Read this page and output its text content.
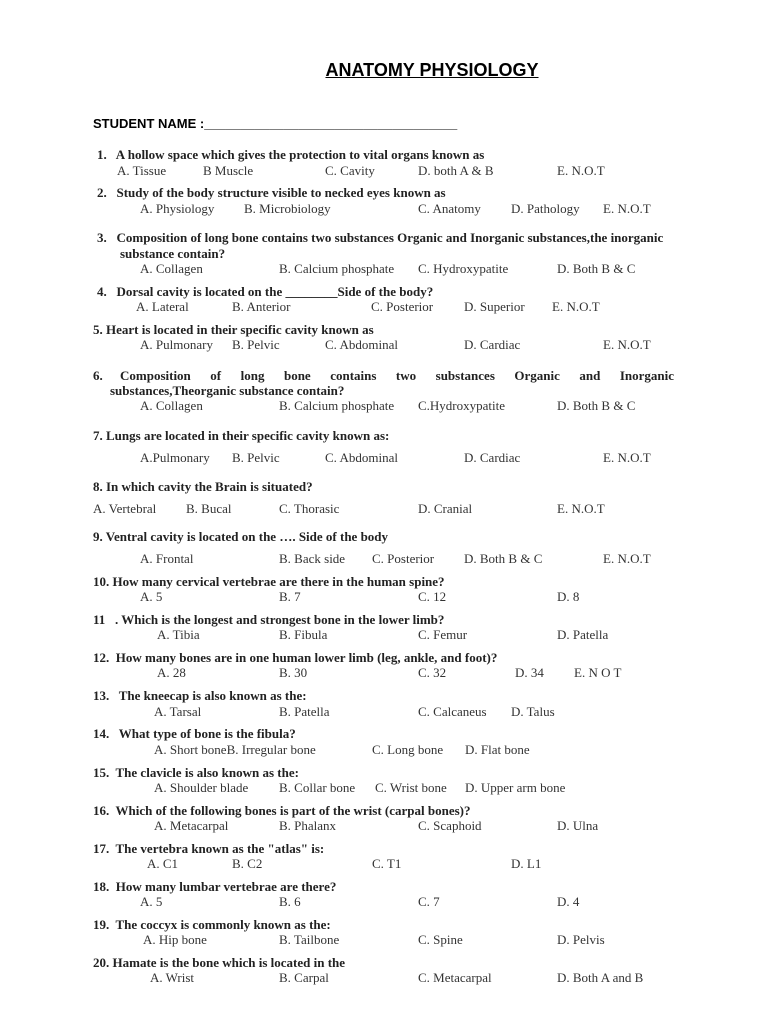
ANATOMY PHYSIOLOGY
STUDENT NAME :___________________________________
1. A hollow space which gives the protection to vital organs known as
A. Tissue	B Muscle	C. Cavity	D. both A & B	E. N.O.T
2. Study of the body structure visible to necked eyes known as
A. Physiology B. Microbiology	C. Anatomy D. Pathology E. N.O.T
3. Composition of long bone contains two substances Organic and Inorganic substances,the inorganic
substance contain?
A. Collagen	B. Calcium phosphate C. Hydroxypatite	D. Both B & C
4. Dorsal cavity is located on the ________Side of the body?
A. Lateral	B. Anterior	C. Posterior D. Superior E. N.O.T
5. Heart is located in their specific cavity known as
A. Pulmonary B. Pelvic	C. Abdominal	D. Cardiac	E. N.O.T
6. Composition of long bone contains two substances Organic and Inorganic
substances,Theorganic substance contain?
A. Collagen	B. Calcium phosphate C.Hydroxypatite	D. Both B & C
7. Lungs are located in their specific cavity known as:
A.Pulmonary B. Pelvic	C. Abdominal	D. Cardiac	E. N.O.T
8. In which cavity the Brain is situated?
A. Vertebral B. Bucal	C. Thorasic	D. Cranial	E. N.O.T
9. Ventral cavity is located on the …. Side of the body
A. Frontal	B. Back side C. Posterior D. Both B & C	E. N.O.T
10. How many cervical vertebrae are there in the human spine?
A. 5	B. 7	C. 12	D. 8
11 . Which is the longest and strongest bone in the lower limb?
A. Tibia	B. Fibula	C. Femur	D. Patella
12. How many bones are in one human lower limb (leg, ankle, and foot)?
A. 28	B. 30	C. 32	D. 34 E. N O T
13. The kneecap is also known as the:
A. Tarsal	B. Patella	C. Calcaneus D. Talus
14. What type of bone is the fibula?
A. Short boneB. Irregular bone	C. Long bone D. Flat bone
15. The clavicle is also known as the:
A. Shoulder blade B. Collar bone C. Wrist bone D. Upper arm bone
16. Which of the following bones is part of the wrist (carpal bones)?
A. Metacarpal	B. Phalanx	C. Scaphoid	D. Ulna
17. The vertebra known as the "atlas" is:
A. C1	B. C2	C. T1	D. L1
18. How many lumbar vertebrae are there?
A. 5	B. 6	C. 7	D. 4
19. The coccyx is commonly known as the:
A. Hip bone	B. Tailbone	C. Spine	D. Pelvis
20. Hamate is the bone which is located in the
A. Wrist	B. Carpal	C. Metacarpal	D. Both A and B
